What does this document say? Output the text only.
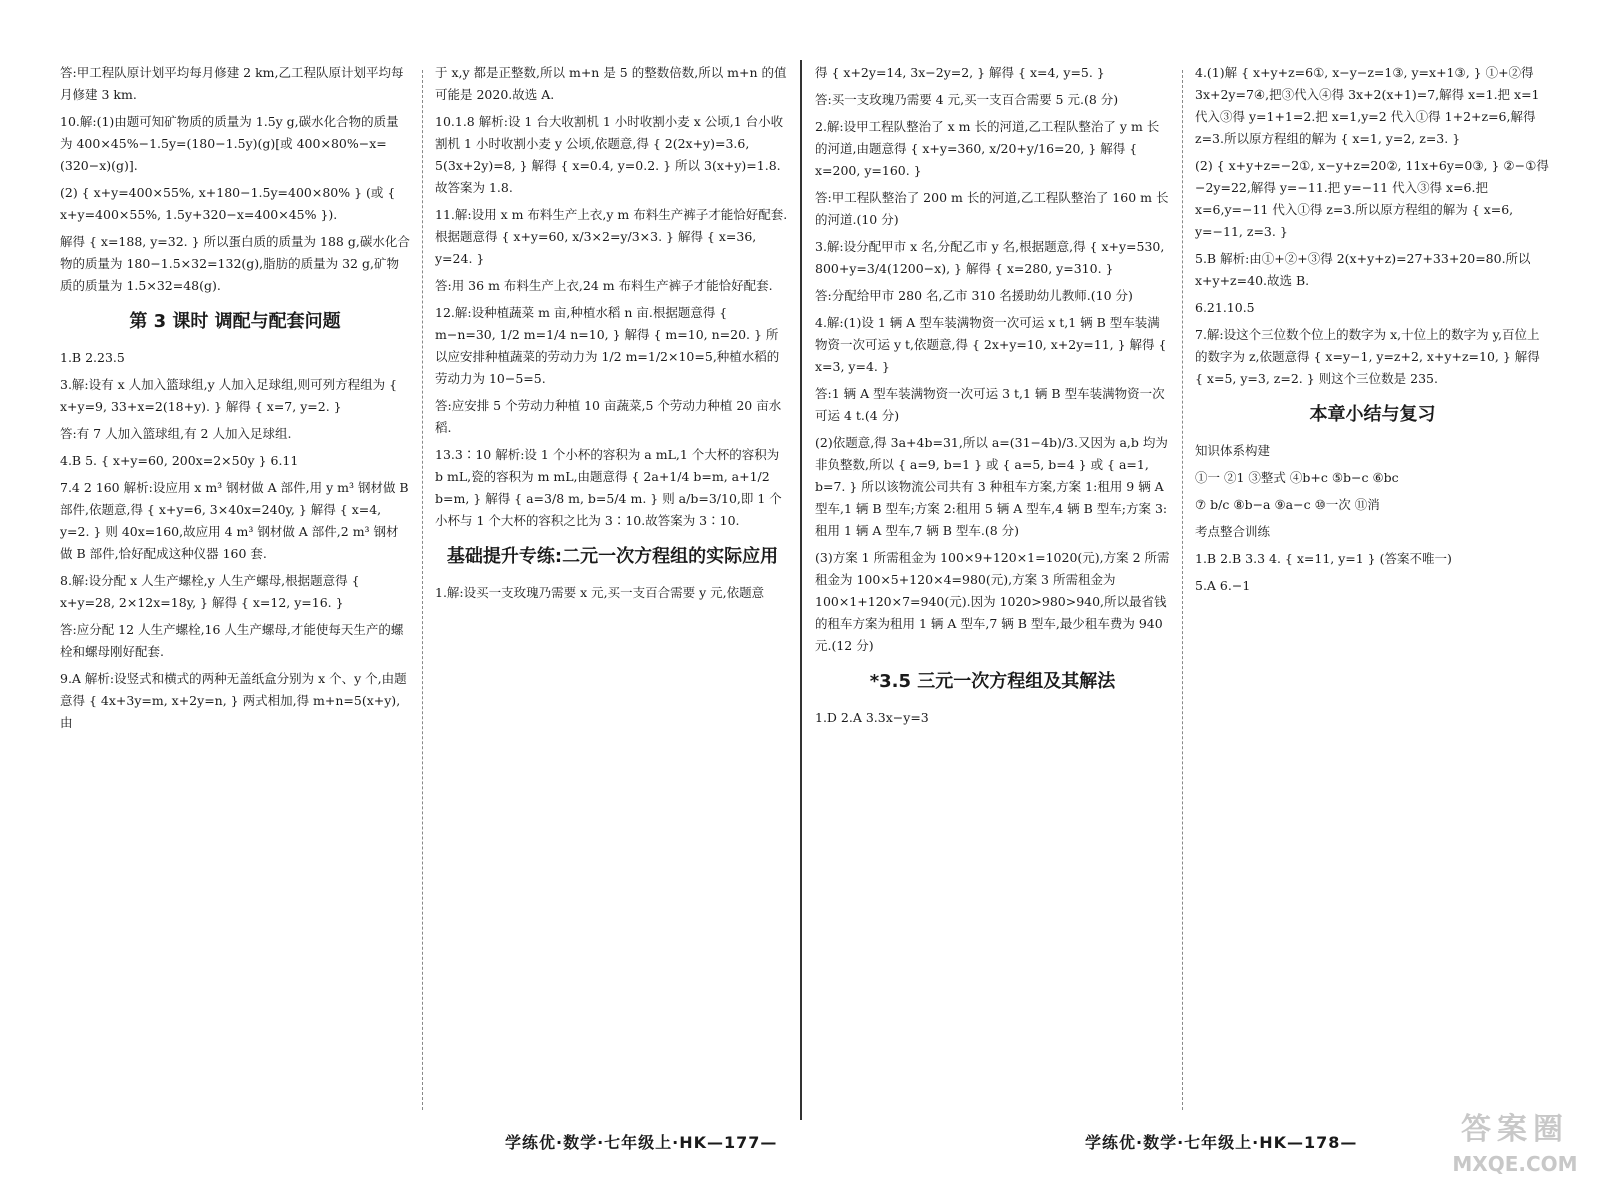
答:甲工程队原计划平均每月修建 2 km,乙工程队原计划平均每月修建 3 km.
10.解:(1)由题可知矿物质的质量为 1.5y g,碳水化合物的质量为 400×45%−1.5y=(180−1.5y)(g)[或 400×80%−x=(320−x)(g)].
(2) { x+y=400×55%, x+180−1.5y=400×80% } (或 { x+y=400×55%, 1.5y+320−x=400×45% }).
解得 { x=188, y=32. } 所以蛋白质的质量为 188 g,碳水化合物的质量为 180−1.5×32=132(g),脂肪的质量为 32 g,矿物质的质量为 1.5×32=48(g).
第 3 课时 调配与配套问题
1.B 2.23.5
3.解:设有 x 人加入篮球组,y 人加入足球组,则可列方程组为 { x+y=9, 33+x=2(18+y). } 解得 { x=7, y=2. }
答:有 7 人加入篮球组,有 2 人加入足球组.
4.B 5. { x+y=60, 200x=2×50y } 6.11
7.4 2 160 解析:设应用 x m³ 钢材做 A 部件,用 y m³ 钢材做 B 部件,依题意,得 { x+y=6, 3×40x=240y, } 解得 { x=4, y=2. } 则 40x=160,故应用 4 m³ 钢材做 A 部件,2 m³ 钢材做 B 部件,恰好配成这种仪器 160 套.
8.解:设分配 x 人生产螺栓,y 人生产螺母,根据题意得 { x+y=28, 2×12x=18y, } 解得 { x=12, y=16. }
答:应分配 12 人生产螺栓,16 人生产螺母,才能使每天生产的螺栓和螺母刚好配套.
9.A 解析:设竖式和横式的两种无盖纸盒分别为 x 个、y 个,由题意得 { 4x+3y=m, x+2y=n, } 两式相加,得 m+n=5(x+y),由
于 x,y 都是正整数,所以 m+n 是 5 的整数倍数,所以 m+n 的值可能是 2020.故选 A.
10.1.8 解析:设 1 台大收割机 1 小时收割小麦 x 公顷,1 台小收割机 1 小时收割小麦 y 公顷,依题意,得 { 2(2x+y)=3.6, 5(3x+2y)=8, } 解得 { x=0.4, y=0.2. } 所以 3(x+y)=1.8.故答案为 1.8.
11.解:设用 x m 布料生产上衣,y m 布料生产裤子才能恰好配套.根据题意得 { x+y=60, x/3×2=y/3×3. } 解得 { x=36, y=24. }
答:用 36 m 布料生产上衣,24 m 布料生产裤子才能恰好配套.
12.解:设种植蔬菜 m 亩,种植水稻 n 亩.根据题意得 { m−n=30, 1/2 m=1/4 n=10, } 解得 { m=10, n=20. } 所以应安排种植蔬菜的劳动力为 1/2 m=1/2×10=5,种植水稻的劳动力为 10−5=5.
答:应安排 5 个劳动力种植 10 亩蔬菜,5 个劳动力种植 20 亩水稻.
13.3∶10 解析:设 1 个小杯的容积为 a mL,1 个大杯的容积为 b mL,瓷的容积为 m mL,由题意得 { 2a+1/4 b=m, a+1/2 b=m, } 解得 { a=3/8 m, b=5/4 m. } 则 a/b=3/10,即 1 个小杯与 1 个大杯的容积之比为 3∶10.故答案为 3∶10.
基础提升专练:二元一次方程组的实际应用
1.解:设买一支玫瑰乃需要 x 元,买一支百合需要 y 元,依题意
得 { x+2y=14, 3x−2y=2, } 解得 { x=4, y=5. }
答:买一支玫瑰乃需要 4 元,买一支百合需要 5 元.(8 分)
2.解:设甲工程队整治了 x m 长的河道,乙工程队整治了 y m 长的河道,由题意得 { x+y=360, x/20+y/16=20, } 解得 { x=200, y=160. }
答:甲工程队整治了 200 m 长的河道,乙工程队整治了 160 m 长的河道.(10 分)
3.解:设分配甲市 x 名,分配乙市 y 名,根据题意,得 { x+y=530, 800+y=3/4(1200−x), } 解得 { x=280, y=310. }
答:分配给甲市 280 名,乙市 310 名援助幼儿教师.(10 分)
4.解:(1)设 1 辆 A 型车装满物资一次可运 x t,1 辆 B 型车装满物资一次可运 y t,依题意,得 { 2x+y=10, x+2y=11, } 解得 { x=3, y=4. }
答:1 辆 A 型车装满物资一次可运 3 t,1 辆 B 型车装满物资一次可运 4 t.(4 分)
(2)依题意,得 3a+4b=31,所以 a=(31−4b)/3.又因为 a,b 均为非负整数,所以 { a=9, b=1 } 或 { a=5, b=4 } 或 { a=1, b=7. } 所以该物流公司共有 3 种租车方案,方案 1:租用 9 辆 A 型车,1 辆 B 型车;方案 2:租用 5 辆 A 型车,4 辆 B 型车;方案 3:租用 1 辆 A 型车,7 辆 B 型车.(8 分)
(3)方案 1 所需租金为 100×9+120×1=1020(元),方案 2 所需租金为 100×5+120×4=980(元),方案 3 所需租金为 100×1+120×7=940(元).因为 1020>980>940,所以最省钱的租车方案为租用 1 辆 A 型车,7 辆 B 型车,最少租车费为 940 元.(12 分)
*3.5 三元一次方程组及其解法
1.D 2.A 3.3x−y=3
4.(1)解 { x+y+z=6①, x−y−z=1③, y=x+1③, } ①+②得 3x+2y=7④,把③代入④得 3x+2(x+1)=7,解得 x=1.把 x=1 代入③得 y=1+1=2.把 x=1,y=2 代入①得 1+2+z=6,解得 z=3.所以原方程组的解为 { x=1, y=2, z=3. }
(2) { x+y+z=−2①, x−y+z=20②, 11x+6y=0③, } ②−①得−2y=22,解得 y=−11.把 y=−11 代入③得 x=6.把 x=6,y=−11 代入①得 z=3.所以原方程组的解为 { x=6, y=−11, z=3. }
5.B 解析:由①+②+③得 2(x+y+z)=27+33+20=80.所以 x+y+z=40.故选 B.
6.21.10.5
7.解:设这个三位数个位上的数字为 x,十位上的数字为 y,百位上的数字为 z,依题意得 { x=y−1, y=z+2, x+y+z=10, } 解得 { x=5, y=3, z=2. } 则这个三位数是 235.
本章小结与复习
知识体系构建
①一 ②1 ③整式 ④b+c ⑤b−c ⑥bc
⑦ b/c ⑧b−a ⑨a−c ⑩一次 ⑪消
考点整合训练
1.B 2.B 3.3 4. { x=11, y=1 } (答案不唯一)
5.A 6.−1
学练优·数学·七年级上·HK—177—	学练优·数学·七年级上·HK—178—	答案圈
MXQE.COM
